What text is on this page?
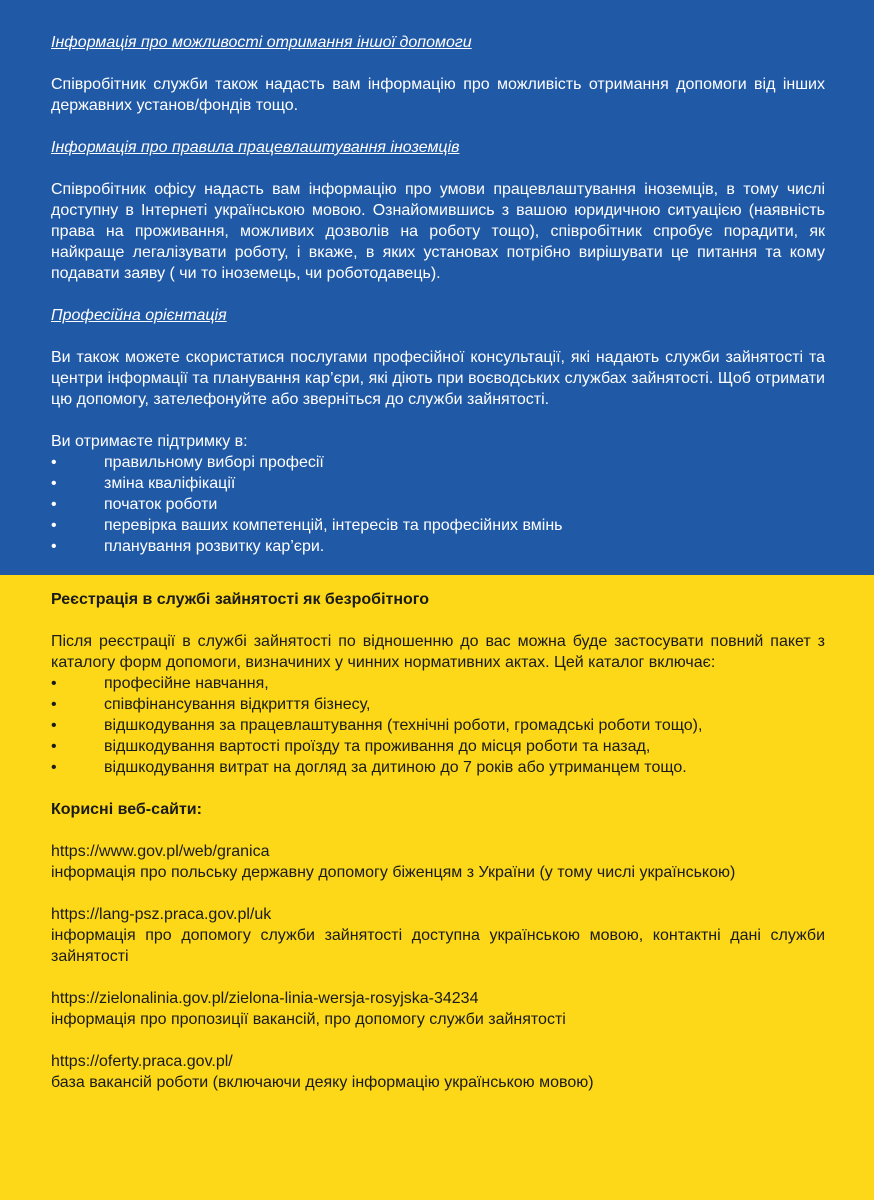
Інформація про можливості отримання іншої допомоги

Співробітник служби також надасть вам інформацію про можливість отримання допомоги від інших державних установ/фондів тощо.

Інформація про правила працевлаштування іноземців

Співробітник офісу надасть вам інформацію про умови працевлаштування іноземців, в тому числі доступну в Інтернеті українською мовою. Ознайомившись з вашою юридичною ситуацією (наявність права на проживання, можливих дозволів на роботу тощо), співробітник спробує порадити, як найкраще легалізувати роботу, і вкаже, в яких установах потрібно вирішувати це питання та кому подавати заяву ( чи то іноземець, чи роботодавець).

Професійна орієнтація

Ви також можете скористатися послугами професійної консультації, які надають служби зайнятості та центри інформації та планування кар’єри, які діють при воєводських службах зайнятості. Щоб отримати цю допомогу, зателефонуйте або зверніться до служби зайнятості.

Ви отримаєте підтримку в:

•	правильному виборі професії
•	зміна кваліфікації
•	початок роботи
•	перевірка ваших компетенцій, інтересів та професійних вмінь
•	планування розвитку кар’єри.

Реєстрація в службі зайнятості як безробітного

Після реєстрації в службі зайнятості по відношенню до вас можна буде застосувати повний пакет з каталогу форм допомоги, визначиних у чинних нормативних актах. Цей каталог включає:

•	професійне навчання,
•	співфінансування відкриття бізнесу,
•	відшкодування за працевлаштування (технічні роботи, громадські роботи тощо),
•	відшкодування вартості проїзду та проживання до місця роботи та назад,
•	відшкодування витрат на догляд за дитиною до 7 років або утриманцем тощо.

Корисні веб-сайти:

https://www.gov.pl/web/granica

інформація про польську державну допомогу біженцям з України (у тому числі українською)

https://lang-psz.praca.gov.pl/uk

інформація про допомогу служби зайнятості доступна українською мовою, контактні дані служби зайнятості

https://zielonalinia.gov.pl/zielona-linia-wersja-rosyjska-34234

інформація про пропозиції вакансій, про допомогу служби зайнятості

https://oferty.praca.gov.pl/

база вакансій роботи (включаючи деяку інформацію українською мовою)
